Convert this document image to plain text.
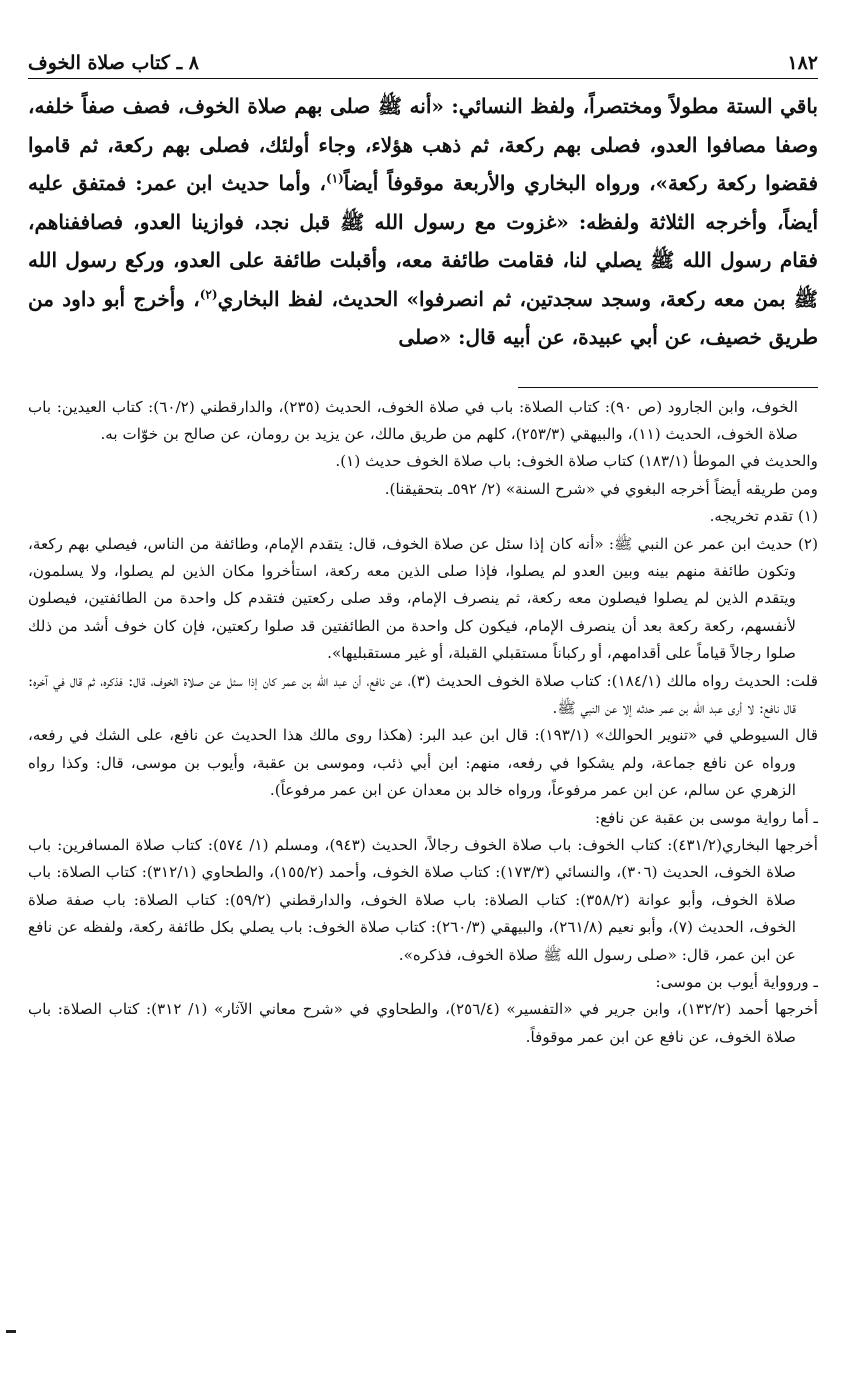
١٨٢
٨ ـ كتاب صلاة الخوف
باقي الستة مطولاً ومختصراً، ولفظ النسائي: «أنه ﷺ صلى بهم صلاة الخوف، فصف صفاً خلفه، وصفا مصافوا العدو، فصلى بهم ركعة، ثم ذهب هؤلاء، وجاء أولئك، فصلى بهم ركعة، ثم قاموا فقضوا ركعة ركعة»، ورواه البخاري والأربعة موقوفاً أيضاً$^{(١)}$، وأما حديث ابن عمر: فمتفق عليه أيضاً، وأخرجه الثلاثة ولفظه: «غزوت مع رسول الله ﷺ قبل نجد، فوازينا العدو، فصاففناهم، فقام رسول الله ﷺ يصلي لنا، فقامت طائفة معه، وأقبلت طائفة على العدو، وركع رسول الله ﷺ بمن معه ركعة، وسجد سجدتين، ثم انصرفوا» الحديث، لفظ البخاري$^{(٢)}$، وأخرج أبو داود من طريق خصيف، عن أبي عبيدة، عن أبيه قال: «صلى

الخوف، وابن الجارود (ص ٩٠): كتاب الصلاة: باب في صلاة الخوف، الحديث (٢٣٥)، والدارقطني (٦٠/٢): كتاب العيدين: باب صلاة الخوف، الحديث (١١)، والبيهقي (٢٥٣/٣)، كلهم من طريق مالك، عن يزيد بن رومان، عن صالح بن خوّات به.

والحديث في الموطأ (١٨٣/١) كتاب صلاة الخوف: باب صلاة الخوف حديث (١).

ومن طريقه أيضاً أخرجه البغوي في «شرح السنة» (٢/ ٥٩٢ـ بتحقيقنا).

(١) تقدم تخريجه.

(٢) حديث ابن عمر عن النبي ﷺ: «أنه كان إذا سئل عن صلاة الخوف، قال: يتقدم الإمام، وطائفة من الناس، فيصلي بهم ركعة، وتكون طائفة منهم بينه وبين العدو لم يصلوا، فإذا صلى الذين معه ركعة، استأخروا مكان الذين لم يصلوا، ولا يسلمون، ويتقدم الذين لم يصلوا فيصلون معه ركعة، ثم ينصرف الإمام، وقد صلى ركعتين فتقدم كل واحدة من الطائفتين، فيصلون لأنفسهم، ركعة ركعة بعد أن ينصرف الإمام، فيكون كل واحدة من الطائفتين قد صلوا ركعتين، فإن كان خوف أشد من ذلك صلوا رجالاً قياماً على أقدامهم، أو ركباناً مستقبلي القبلة، أو غير مستقبليها».

قلت: الحديث رواه مالك (١٨٤/١): كتاب صلاة الخوف الحديث (٣)، عن نافع، أن عبد الله بن عمر كان إذا سئل عن صلاة الخوف، قال: فذكره، ثم قال في آخره: قال نافع: لا أرى عبد الله بن عمر حدثه إلا عن النبي ﷺ.

قال السيوطي في «تنوير الحوالك» (١٩٣/١): قال ابن عبد البر: (هكذا روى مالك هذا الحديث عن نافع، على الشك في رفعه، ورواه عن نافع جماعة، ولم يشكوا في رفعه، منهم: ابن أبي ذئب، وموسى بن عقبة، وأيوب بن موسى، قال: وكذا رواه الزهري عن سالم، عن ابن عمر مرفوعاً، ورواه خالد بن معدان عن ابن عمر مرفوعاً).

ـ أما رواية موسى بن عقبة عن نافع:

أخرجها البخاري(٤٣١/٢): كتاب الخوف: باب صلاة الخوف رجالاً، الحديث (٩٤٣)، ومسلم (١/ ٥٧٤): كتاب صلاة المسافرين: باب صلاة الخوف، الحديث (٣٠٦)، والنسائي (١٧٣/٣): كتاب صلاة الخوف، وأحمد (١٥٥/٢)، والطحاوي (٣١٢/١): كتاب الصلاة: باب صلاة الخوف، وأبو عوانة (٣٥٨/٢): كتاب الصلاة: باب صلاة الخوف، والدارقطني (٥٩/٢): كتاب الصلاة: باب صفة صلاة الخوف، الحديث (٧)، وأبو نعيم (٢٦١/٨)، والبيهقي (٢٦٠/٣): كتاب صلاة الخوف: باب يصلي بكل طائفة ركعة، ولفظه عن نافع عن ابن عمر، قال: «صلى رسول الله ﷺ صلاة الخوف، فذكره».

ـ وروواية أيوب بن موسى:

أخرجها أحمد (١٣٢/٢)، وابن جرير في «التفسير» (٢٥٦/٤)، والطحاوي في «شرح معاني الآثار» (١/ ٣١٢): كتاب الصلاة: باب صلاة الخوف، عن نافع عن ابن عمر موقوفاً.
